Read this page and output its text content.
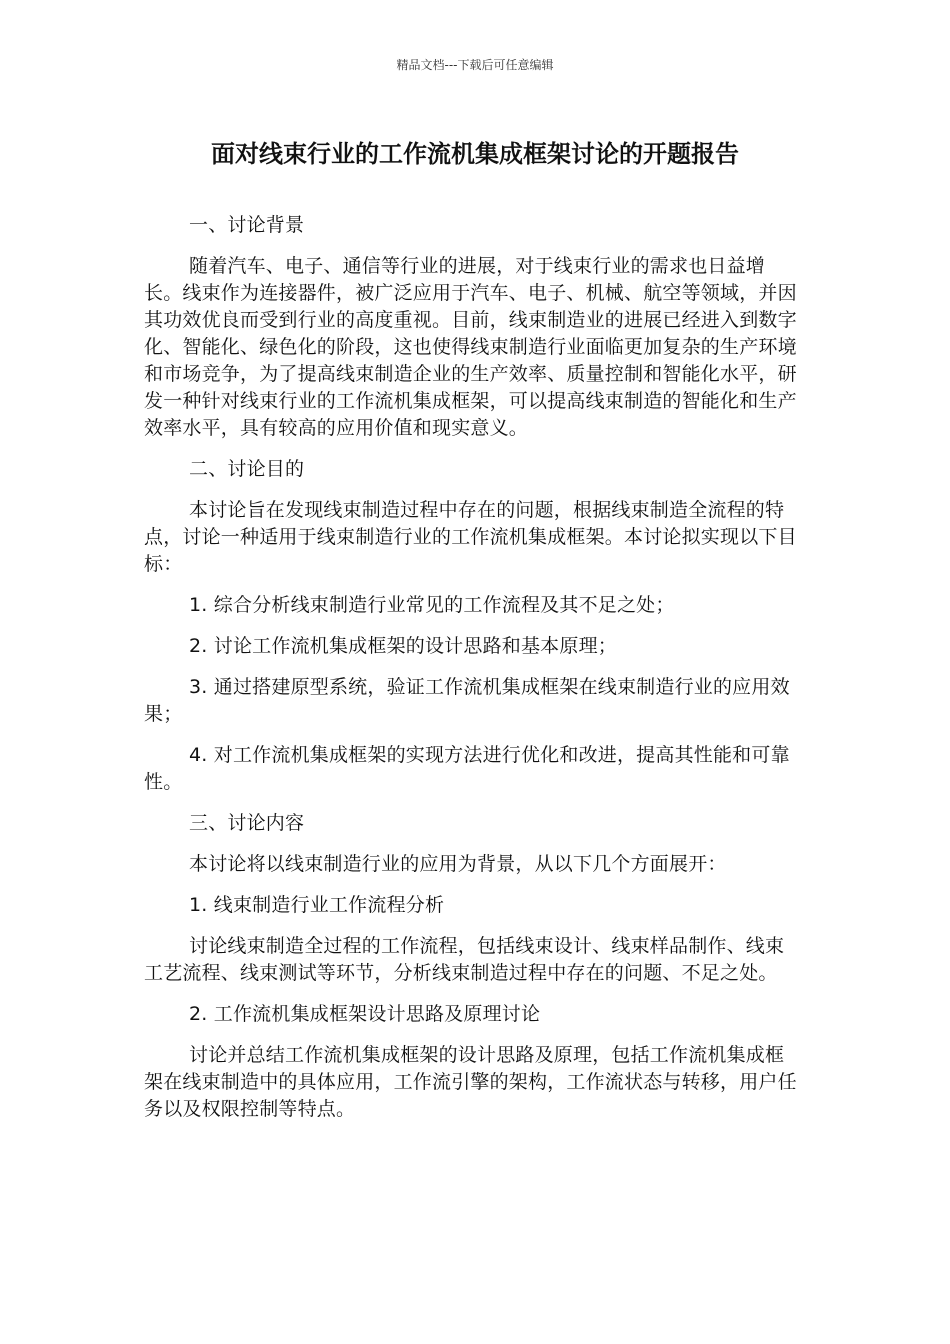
精品文档---下载后可任意编辑
面对线束行业的工作流机集成框架讨论的开题报告

一、讨论背景

随着汽车、电子、通信等行业的进展，对于线束行业的需求也日益增长。线束作为连接器件，被广泛应用于汽车、电子、机械、航空等领域，并因其功效优良而受到行业的高度重视。目前，线束制造业的进展已经进入到数字化、智能化、绿色化的阶段，这也使得线束制造行业面临更加复杂的生产环境和市场竞争，为了提高线束制造企业的生产效率、质量控制和智能化水平，研发一种针对线束行业的工作流机集成框架，可以提高线束制造的智能化和生产效率水平，具有较高的应用价值和现实意义。

二、讨论目的

本讨论旨在发现线束制造过程中存在的问题，根据线束制造全流程的特点，讨论一种适用于线束制造行业的工作流机集成框架。本讨论拟实现以下目标：

1. 综合分析线束制造行业常见的工作流程及其不足之处；

2. 讨论工作流机集成框架的设计思路和基本原理；

3. 通过搭建原型系统，验证工作流机集成框架在线束制造行业的应用效果；

4. 对工作流机集成框架的实现方法进行优化和改进，提高其性能和可靠性。

三、讨论内容

本讨论将以线束制造行业的应用为背景，从以下几个方面展开：

1. 线束制造行业工作流程分析

讨论线束制造全过程的工作流程，包括线束设计、线束样品制作、线束工艺流程、线束测试等环节，分析线束制造过程中存在的问题、不足之处。

2. 工作流机集成框架设计思路及原理讨论

讨论并总结工作流机集成框架的设计思路及原理，包括工作流机集成框架在线束制造中的具体应用，工作流引擎的架构，工作流状态与转移，用户任务以及权限控制等特点。
